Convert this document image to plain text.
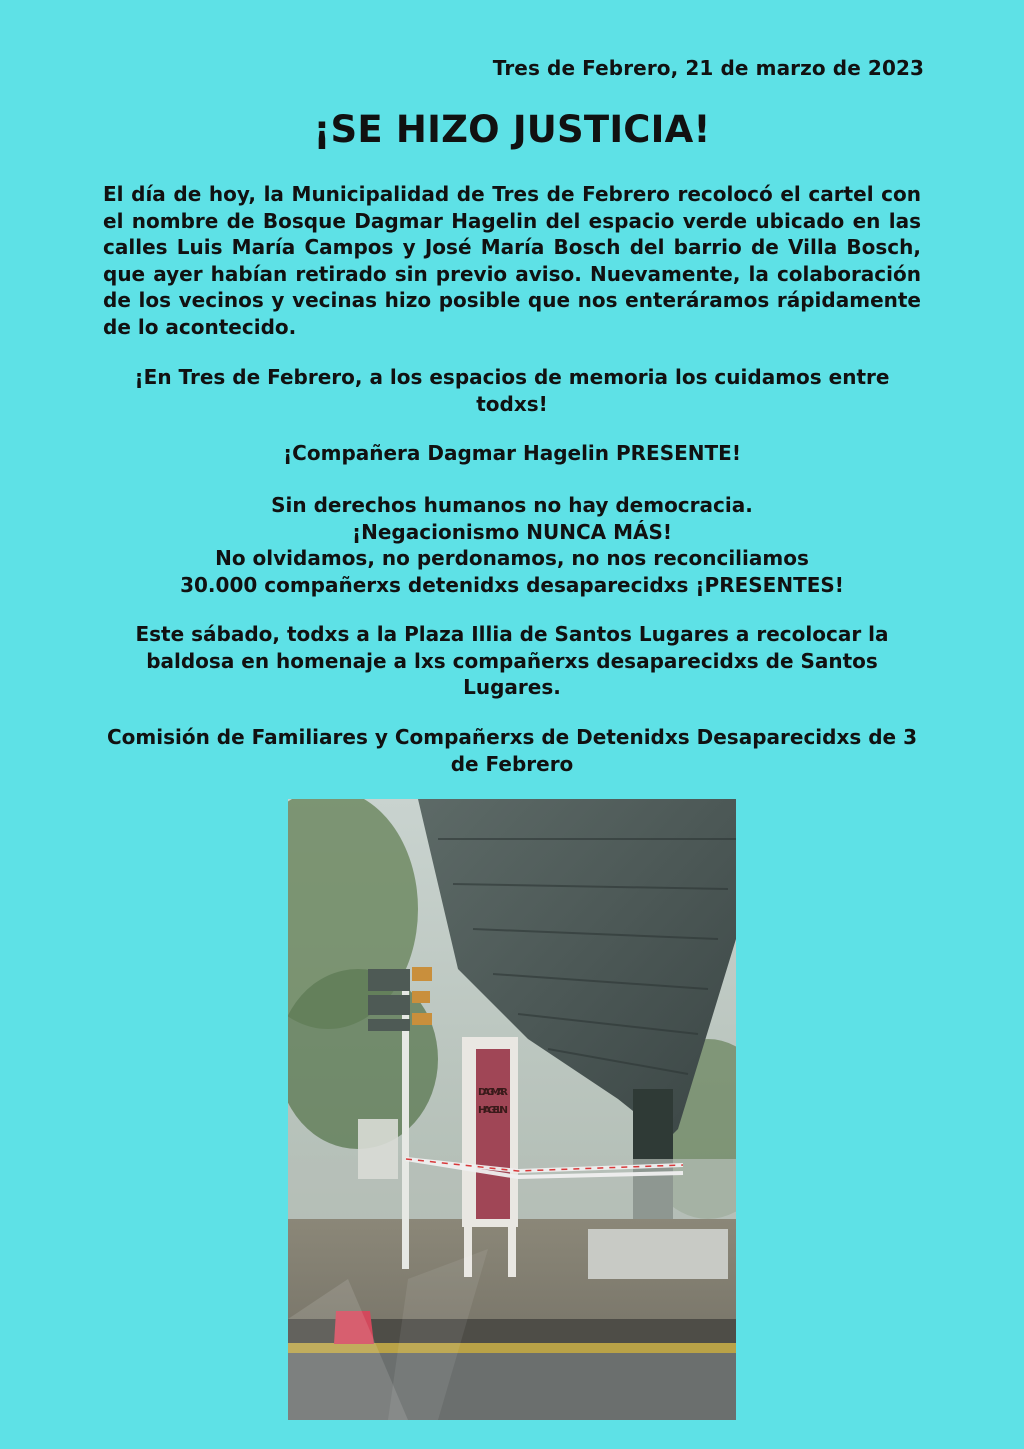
Tres de Febrero, 21 de marzo de 2023
¡SE HIZO JUSTICIA!

El día de hoy, la Municipalidad de Tres de Febrero recolocó el cartel con el nombre de Bosque Dagmar Hagelin del espacio verde ubicado en las calles Luis María Campos y José María Bosch del barrio de Villa Bosch, que ayer habían retirado sin previo aviso. Nuevamente, la colaboración de los vecinos y vecinas hizo posible que nos enteráramos rápidamente de lo acontecido.

¡En Tres de Febrero, a los espacios de memoria los cuidamos entre todxs!

¡Compañera Dagmar Hagelin PRESENTE!

Sin derechos humanos no hay democracia.

¡Negacionismo NUNCA MÁS!

No olvidamos, no perdonamos, no nos reconciliamos

30.000 compañerxs detenidxs desaparecidxs ¡PRESENTES!

Este sábado, todxs a la Plaza Illia de Santos Lugares a recolocar la baldosa en homenaje a lxs compañerxs desaparecidxs de Santos Lugares.

Comisión de Familiares y Compañerxs de Detenidxs Desaparecidxs de 3 de Febrero

DAGMAR
HAGELIN
